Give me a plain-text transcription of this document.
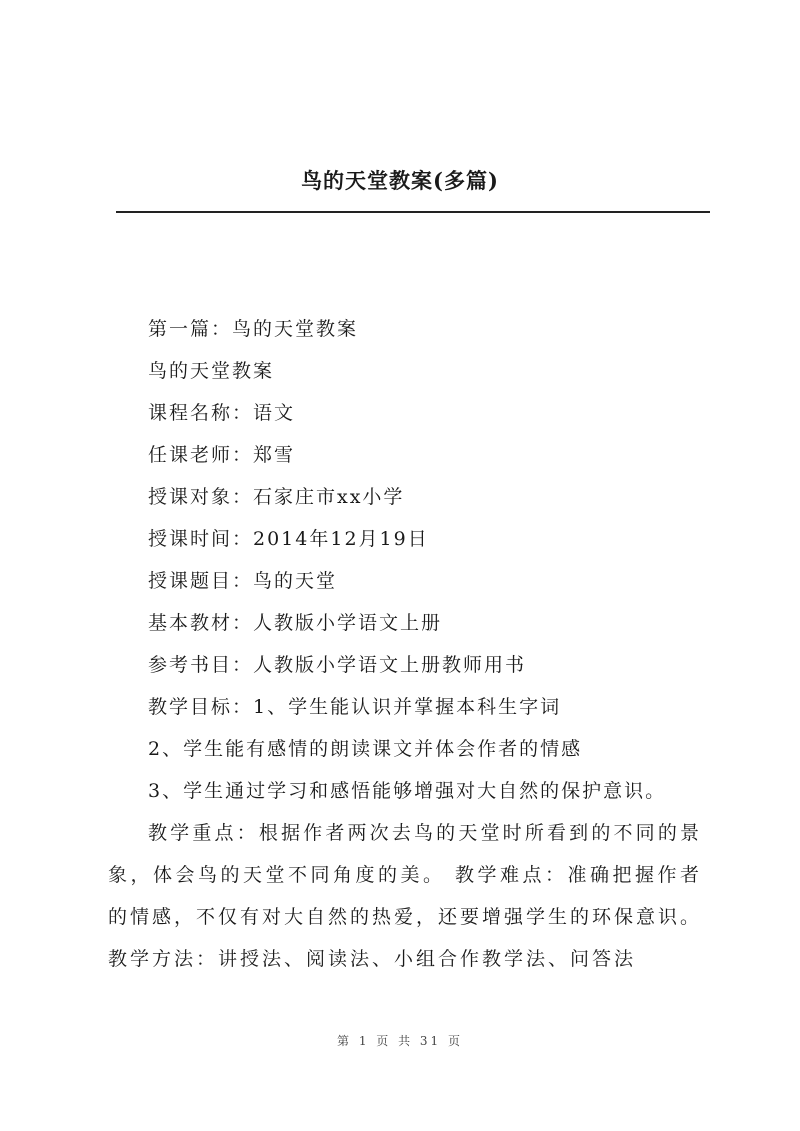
鸟的天堂教案(多篇)
第一篇：鸟的天堂教案
鸟的天堂教案
课程名称：语文
任课老师：郑雪
授课对象：石家庄市xx小学
授课时间：2014年12月19日
授课题目：鸟的天堂
基本教材：人教版小学语文上册
参考书目：人教版小学语文上册教师用书
教学目标：1、学生能认识并掌握本科生字词
2、学生能有感情的朗读课文并体会作者的情感
3、学生通过学习和感悟能够增强对大自然的保护意识。

教学重点：根据作者两次去鸟的天堂时所看到的不同的景象，体会鸟的天堂不同角度的美。 教学难点：准确把握作者的情感，不仅有对大自然的热爱，还要增强学生的环保意识。 教学方法：讲授法、阅读法、小组合作教学法、问答法

第 1 页 共 31 页
